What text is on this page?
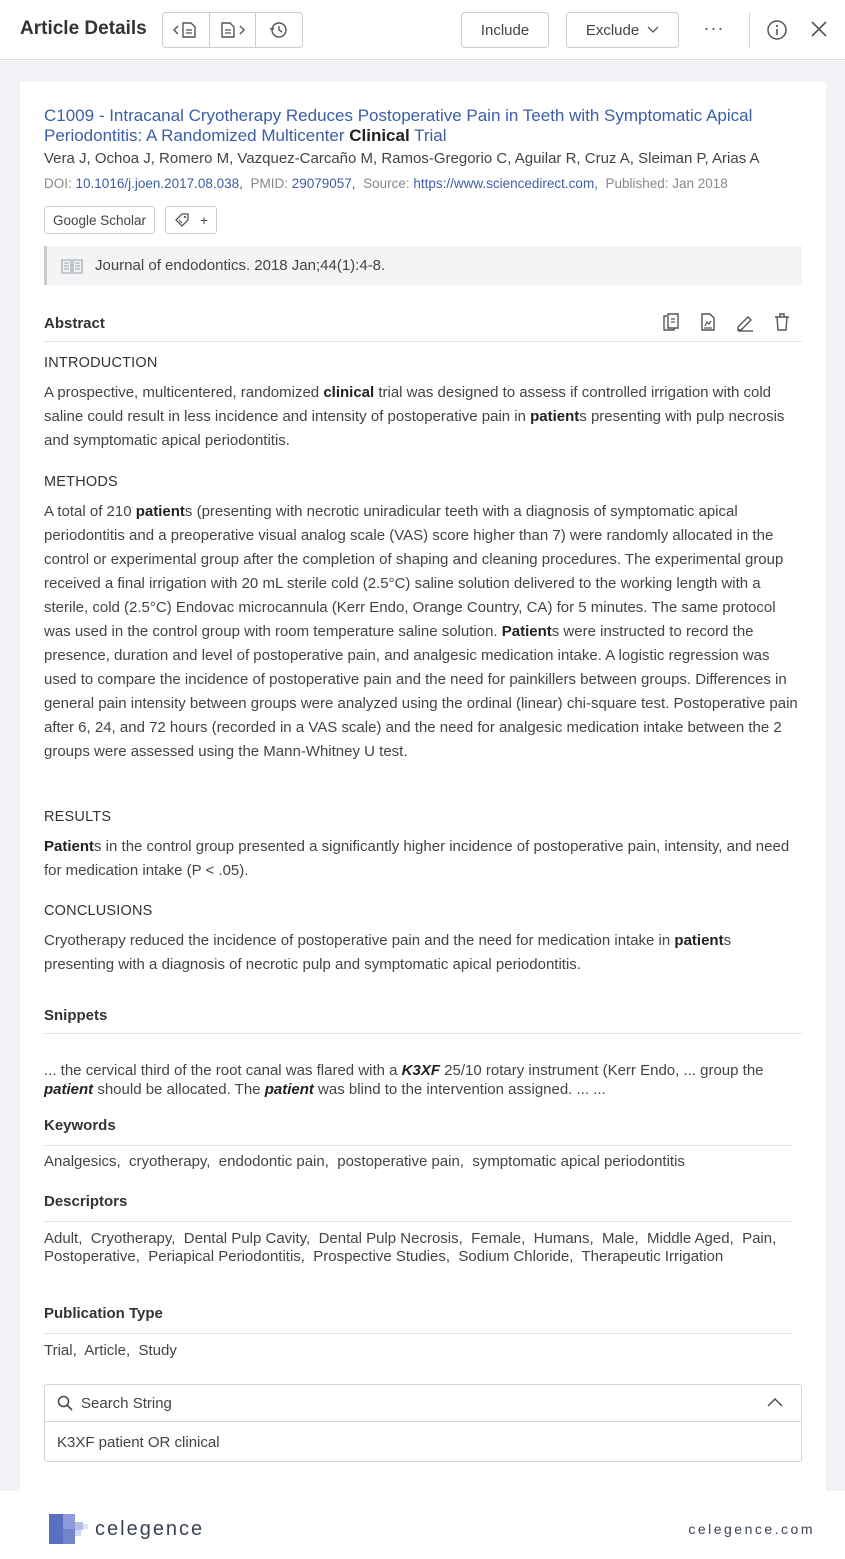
Article Details	Include	Exclude	···
C1009 - Intracanal Cryotherapy Reduces Postoperative Pain in Teeth with Symptomatic Apical Periodontitis: A Randomized Multicenter Clinical Trial
Vera J, Ochoa J, Romero M, Vazquez-Carcaño M, Ramos-Gregorio C, Aguilar R, Cruz A, Sleiman P, Arias A
DOI: 10.1016/j.joen.2017.08.038, PMID: 29079057, Source: https://www.sciencedirect.com, Published: Jan 2018
Google Scholar	+
Journal of endodontics. 2018 Jan;44(1):4-8.
Abstract
INTRODUCTION
A prospective, multicentered, randomized clinical trial was designed to assess if controlled irrigation with cold saline could result in less incidence and intensity of postoperative pain in patients presenting with pulp necrosis and symptomatic apical periodontitis.
METHODS
A total of 210 patients (presenting with necrotic uniradicular teeth with a diagnosis of symptomatic apical periodontitis and a preoperative visual analog scale (VAS) score higher than 7) were randomly allocated in the control or experimental group after the completion of shaping and cleaning procedures. The experimental group received a final irrigation with 20 mL sterile cold (2.5°C) saline solution delivered to the working length with a sterile, cold (2.5°C) Endovac microcannula (Kerr Endo, Orange Country, CA) for 5 minutes. The same protocol was used in the control group with room temperature saline solution. Patients were instructed to record the presence, duration and level of postoperative pain, and analgesic medication intake. A logistic regression was used to compare the incidence of postoperative pain and the need for painkillers between groups. Differences in general pain intensity between groups were analyzed using the ordinal (linear) chi-square test. Postoperative pain after 6, 24, and 72 hours (recorded in a VAS scale) and the need for analgesic medication intake between the 2 groups were assessed using the Mann-Whitney U test.
RESULTS
Patients in the control group presented a significantly higher incidence of postoperative pain, intensity, and need for medication intake (P < .05).
CONCLUSIONS
Cryotherapy reduced the incidence of postoperative pain and the need for medication intake in patients presenting with a diagnosis of necrotic pulp and symptomatic apical periodontitis.
Snippets
... the cervical third of the root canal was flared with a K3XF 25/10 rotary instrument (Kerr Endo, ... group the patient should be allocated. The patient was blind to the intervention assigned. ... ...
Keywords
Analgesics,  cryotherapy,  endodontic pain,  postoperative pain,  symptomatic apical periodontitis
Descriptors
Adult,  Cryotherapy,  Dental Pulp Cavity,  Dental Pulp Necrosis,  Female,  Humans,  Male,  Middle Aged,  Pain, Postoperative,  Periapical Periodontitis,  Prospective Studies,  Sodium Chloride,  Therapeutic Irrigation
Publication Type
Trial,  Article,  Study
Search String
K3XF patient OR clinical
celegence	celegence.com
